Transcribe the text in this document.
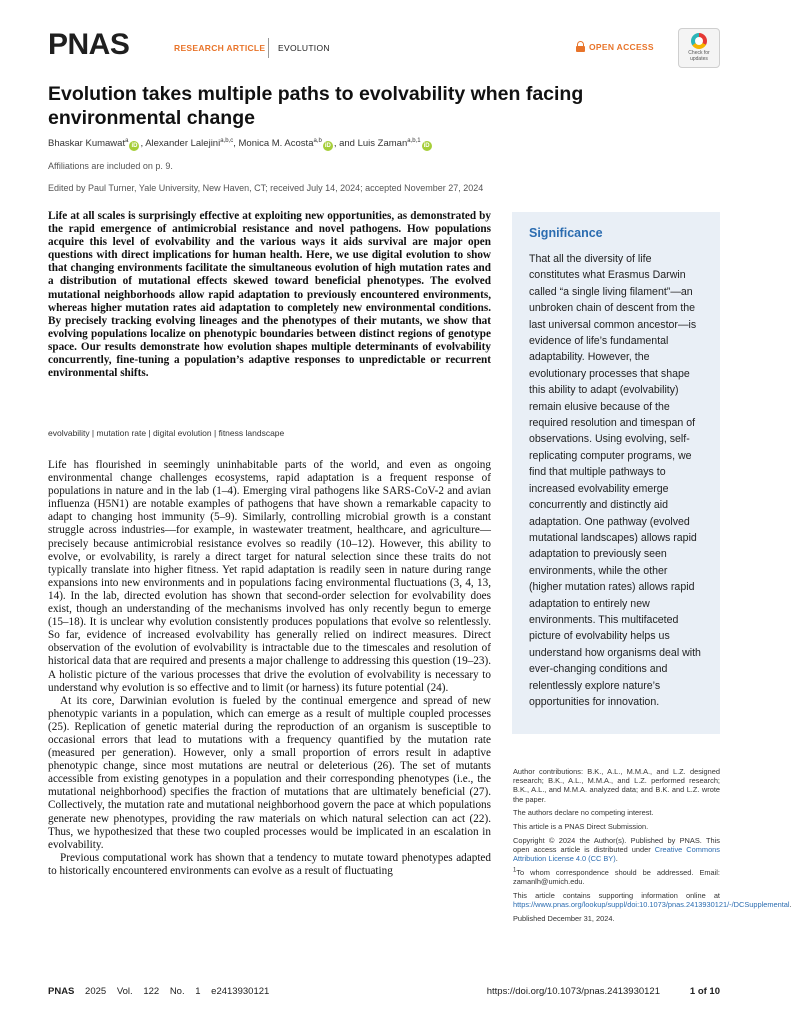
PNAS	RESEARCH ARTICLE EVOLUTION	OPEN ACCESS
Check for updates
Evolution takes multiple paths to evolvability when facing environmental change
Bhaskar Kumawat$^a$iD , Alexander Lalejini$^{a,b,c}$, Monica M. Acosta$^{a,b}$iD , and Luis Zaman$^{a,b,1}$iD
Affiliations are included on p. 9.
Edited by Paul Turner, Yale University, New Haven, CT; received July 14, 2024; accepted November 27, 2024
Life at all scales is surprisingly effective at exploiting new opportunities, as demonstrated by the rapid emergence of antimicrobial resistance and novel pathogens. How populations acquire this level of evolvability and the various ways it aids survival are major open questions with direct implications for human health. Here, we use digital evolution to show that changing environments facilitate the simultaneous evolution of high mutation rates and a distribution of mutational effects skewed toward beneficial phenotypes. The evolved mutational neighborhoods allow rapid adaptation to previously encountered environments, whereas higher mutation rates aid adaptation to completely new environmental conditions. By precisely tracking evolving lineages and the phenotypes of their mutants, we show that evolving populations localize on phenotypic boundaries between distinct regions of genotype space. Our results demonstrate how evolution shapes multiple determinants of evolvability concurrently, fine-tuning a population’s adaptive responses to unpredictable or recurrent environmental shifts.
evolvability | mutation rate | digital evolution | fitness landscape

Life has flourished in seemingly uninhabitable parts of the world, and even as ongoing environmental change challenges ecosystems, rapid adaptation is a frequent response of populations in nature and in the lab (1–4). Emerging viral pathogens like SARS-CoV-2 and avian influenza (H5N1) are notable examples of pathogens that have shown a remarkable capacity to adapt to changing host immunity (5–9). Similarly, controlling microbial growth is a constant struggle across industries—for example, in wastewater treatment, healthcare, and agriculture—precisely because antimicrobial resistance evolves so readily (10–12). However, this ability to evolve, or evolvability, is rarely a direct target for natural selection since these traits do not typically translate into higher fitness. Yet rapid adaptation is readily seen in nature during range expansions into new environments and in populations facing environmental fluctuations (3, 4, 13, 14). In the lab, directed evolution has shown that second-order selection for evolvability does exist, though an understanding of the mechanisms involved has only recently begun to emerge (15–18). It is unclear why evolution consistently produces populations that evolve so relentlessly. So far, evidence of increased evolvability has generally relied on indirect measures. Direct observation of the evolution of evolvability is intractable due to the timescales and resolution of historical data that are required and presents a major challenge to addressing this question (19–23). A holistic picture of the various processes that drive the evolution of evolvability is necessary to understand why evolution is so effective and to limit (or harness) its future potential (24).

At its core, Darwinian evolution is fueled by the continual emergence and spread of new phenotypic variants in a population, which can emerge as a result of multiple coupled processes (25). Replication of genetic material during the reproduction of an organism is susceptible to occasional errors that lead to mutations with a frequency quantified by the mutation rate (measured per generation). However, only a small proportion of errors result in adaptive phenotypic change, since most mutations are neutral or deleterious (26). The set of mutants accessible from existing genotypes in a population and their corresponding phenotypes (i.e., the mutational neighborhood) specifies the fraction of mutations that are ultimately beneficial (27). Collectively, the mutation rate and mutational neighborhood govern the pace at which populations generate new phenotypes, providing the raw materials on which natural selection can act (22). Thus, we hypothesized that these two coupled processes would be implicated in an escalation in evolvability.

Previous computational work has shown that a tendency to mutate toward phenotypes adapted to historically encountered environments can evolve as a result of fluctuating

Significance
That all the diversity of life constitutes what Erasmus Darwin called “a single living filament”—an unbroken chain of descent from the last universal common ancestor—is evidence of life’s fundamental adaptability. However, the evolutionary processes that shape this ability to adapt (evolvability) remain elusive because of the required resolution and timespan of observations. Using evolving, self-replicating computer programs, we find that multiple pathways to increased evolvability emerge concurrently and distinctly aid adaptation. One pathway (evolved mutational landscapes) allows rapid adaptation to previously seen environments, while the other (higher mutation rates) allows rapid adaptation to entirely new environments. This multifaceted picture of evolvability helps us understand how organisms deal with ever-changing conditions and relentlessly explore nature’s opportunities for innovation.

Author contributions: B.K., A.L., M.M.A., and L.Z. designed research; B.K., A.L., M.M.A., and L.Z. performed research; B.K., A.L., and M.M.A. analyzed data; and B.K. and L.Z. wrote the paper.

The authors declare no competing interest.

This article is a PNAS Direct Submission.

Copyright © 2024 the Author(s). Published by PNAS. This open access article is distributed under Creative Commons Attribution License 4.0 (CC BY).

$^1$To whom correspondence should be addressed. Email: zamanlh@umich.edu.

This article contains supporting information online at https://www.pnas.org/lookup/suppl/doi:10.1073/pnas.2413930121/-/DCSupplemental.

Published December 31, 2024.

PNAS 2025 Vol. 122 No. 1 e2413930121	https://doi.org/10.1073/pnas.2413930121	1 of 10
